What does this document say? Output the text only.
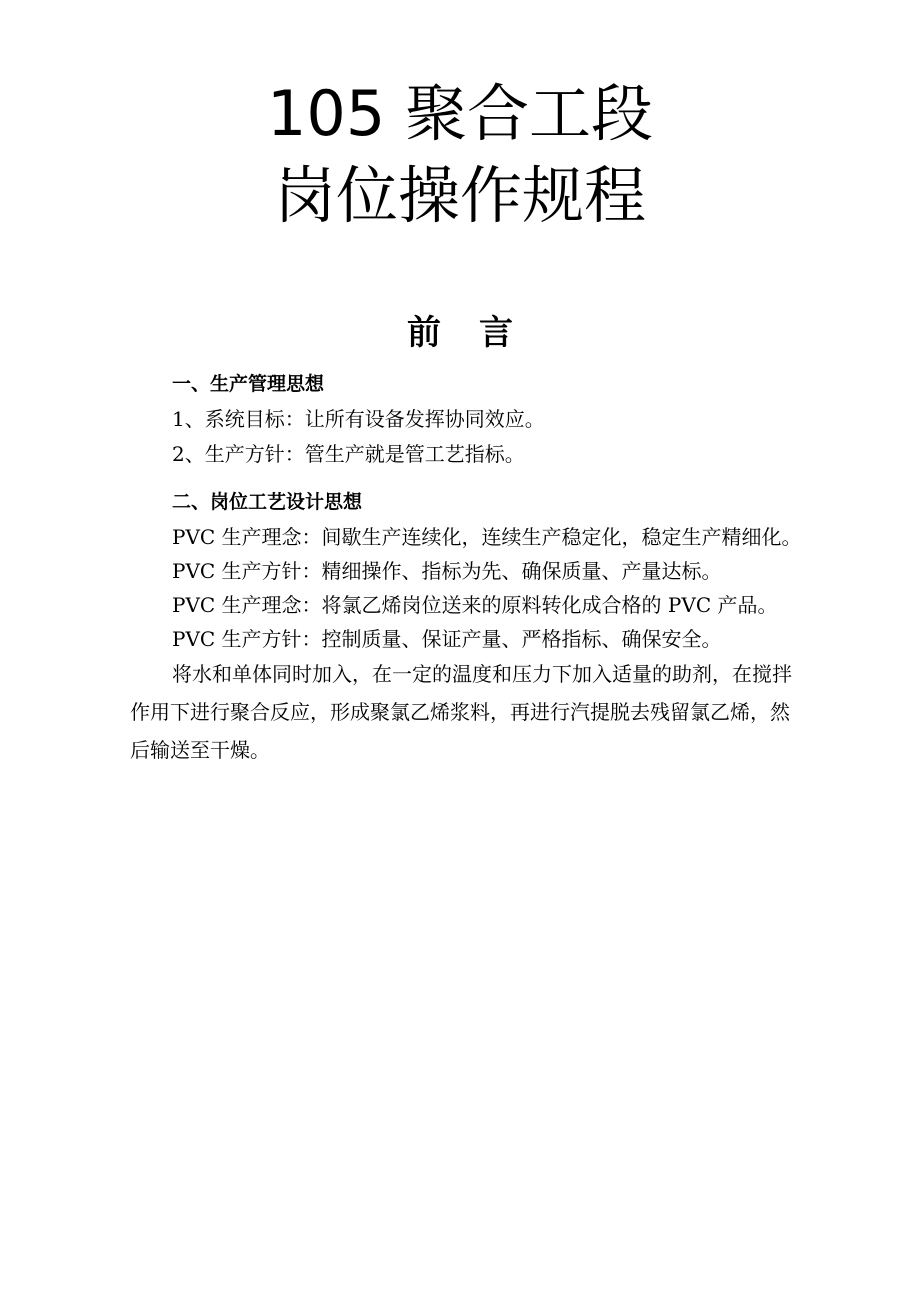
105 聚合工段
岗位操作规程
前言
一、生产管理思想
1、系统目标：让所有设备发挥协同效应。
2、生产方针：管生产就是管工艺指标。
二、岗位工艺设计思想
PVC 生产理念：间歇生产连续化，连续生产稳定化，稳定生产精细化。
PVC 生产方针：精细操作、指标为先、确保质量、产量达标。
PVC 生产理念：将氯乙烯岗位送来的原料转化成合格的 PVC 产品。
PVC 生产方针：控制质量、保证产量、严格指标、确保安全。
将水和单体同时加入，在一定的温度和压力下加入适量的助剂，在搅拌
作用下进行聚合反应，形成聚氯乙烯浆料，再进行汽提脱去残留氯乙烯，然
后输送至干燥。
